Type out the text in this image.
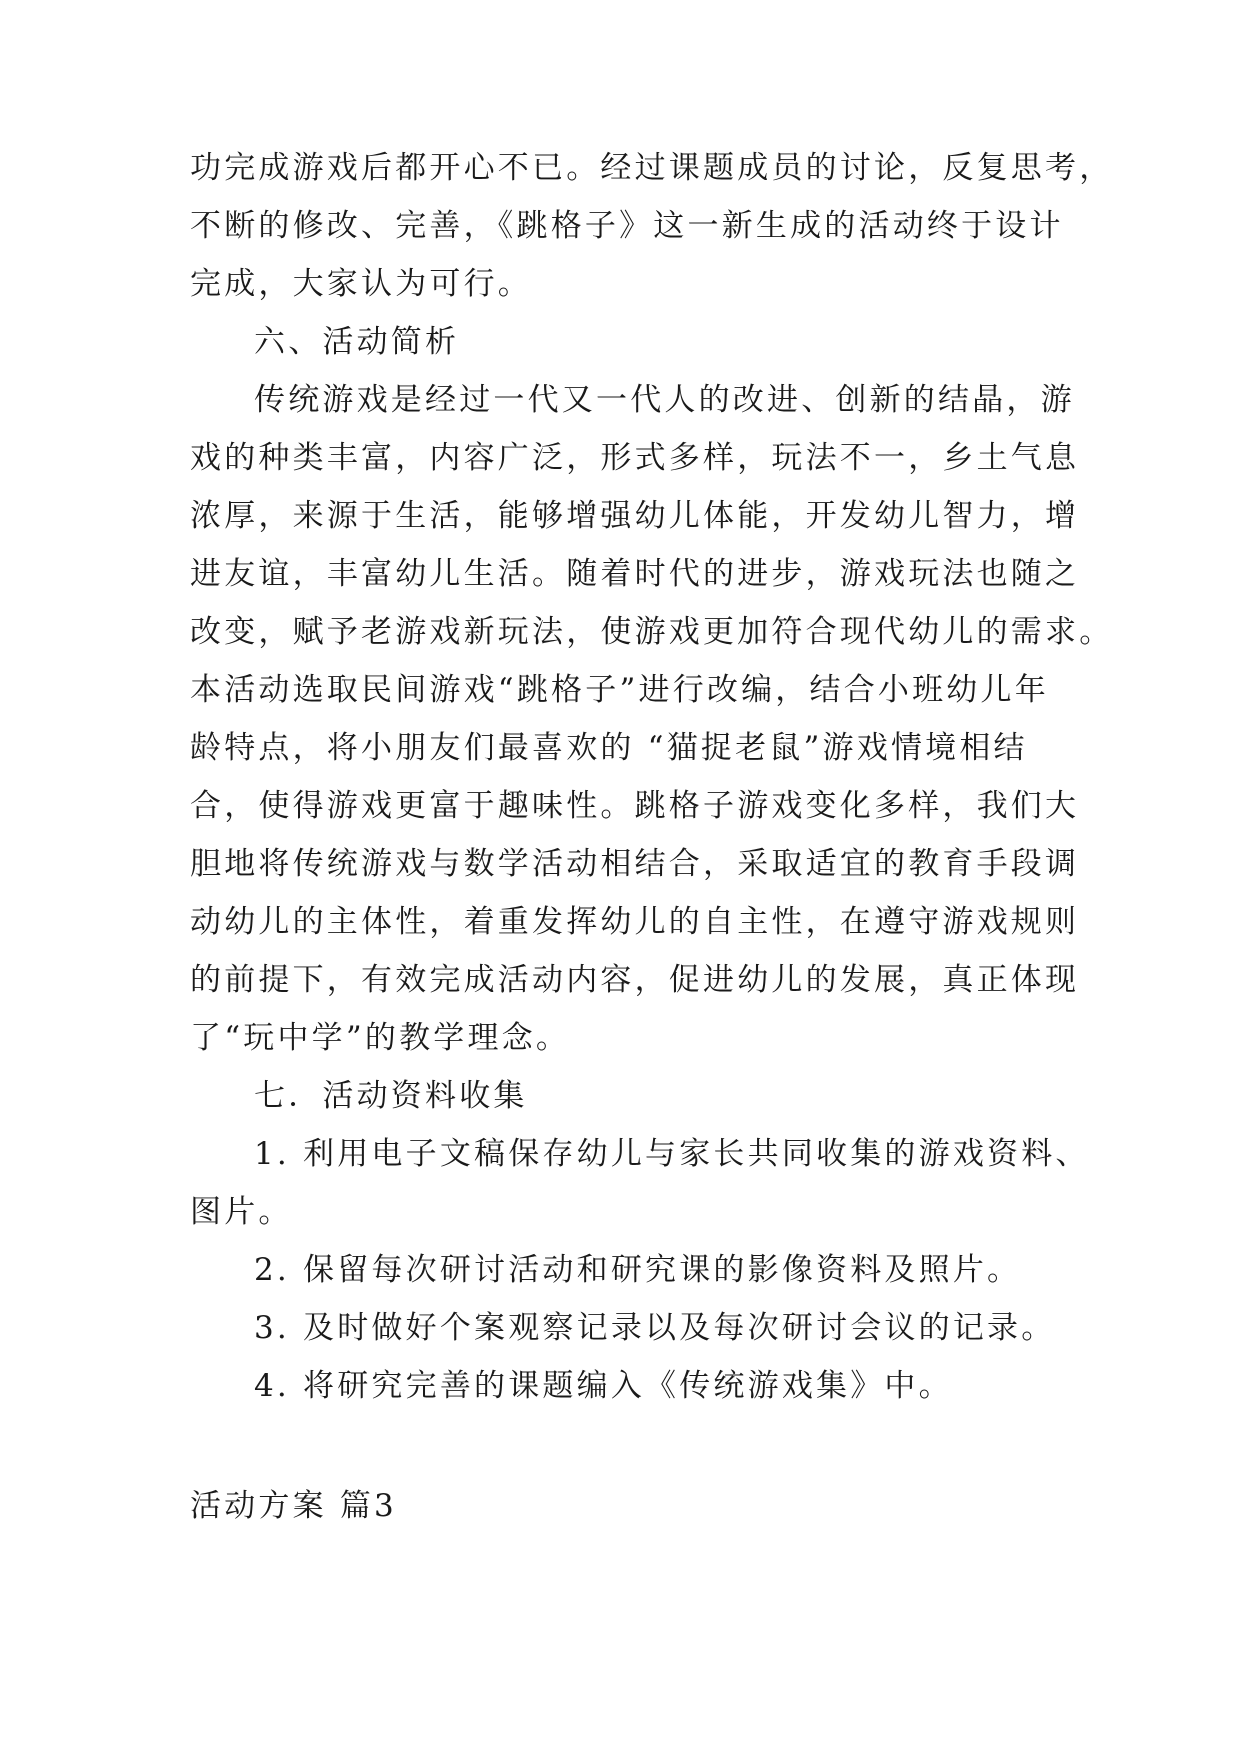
功完成游戏后都开心不已。经过课题成员的讨论，反复思考，
不断的修改、完善，《跳格子》这一新生成的活动终于设计
完成，大家认为可行。
六、活动简析
传统游戏是经过一代又一代人的改进、创新的结晶，游
戏的种类丰富，内容广泛，形式多样，玩法不一，乡土气息
浓厚，来源于生活，能够增强幼儿体能，开发幼儿智力，增
进友谊，丰富幼儿生活。随着时代的进步，游戏玩法也随之
改变，赋予老游戏新玩法，使游戏更加符合现代幼儿的需求。
本活动选取民间游戏“跳格子”进行改编，结合小班幼儿年
龄特点，将小朋友们最喜欢的 “猫捉老鼠”游戏情境相结
合，使得游戏更富于趣味性。跳格子游戏变化多样，我们大
胆地将传统游戏与数学活动相结合，采取适宜的教育手段调
动幼儿的主体性，着重发挥幼儿的自主性，在遵守游戏规则
的前提下，有效完成活动内容，促进幼儿的发展，真正体现
了“玩中学”的教学理念。
七．活动资料收集
1. 利用电子文稿保存幼儿与家长共同收集的游戏资料、
图片。
2. 保留每次研讨活动和研究课的影像资料及照片。
3. 及时做好个案观察记录以及每次研讨会议的记录。
4. 将研究完善的课题编入《传统游戏集》中。
活动方案 篇3
